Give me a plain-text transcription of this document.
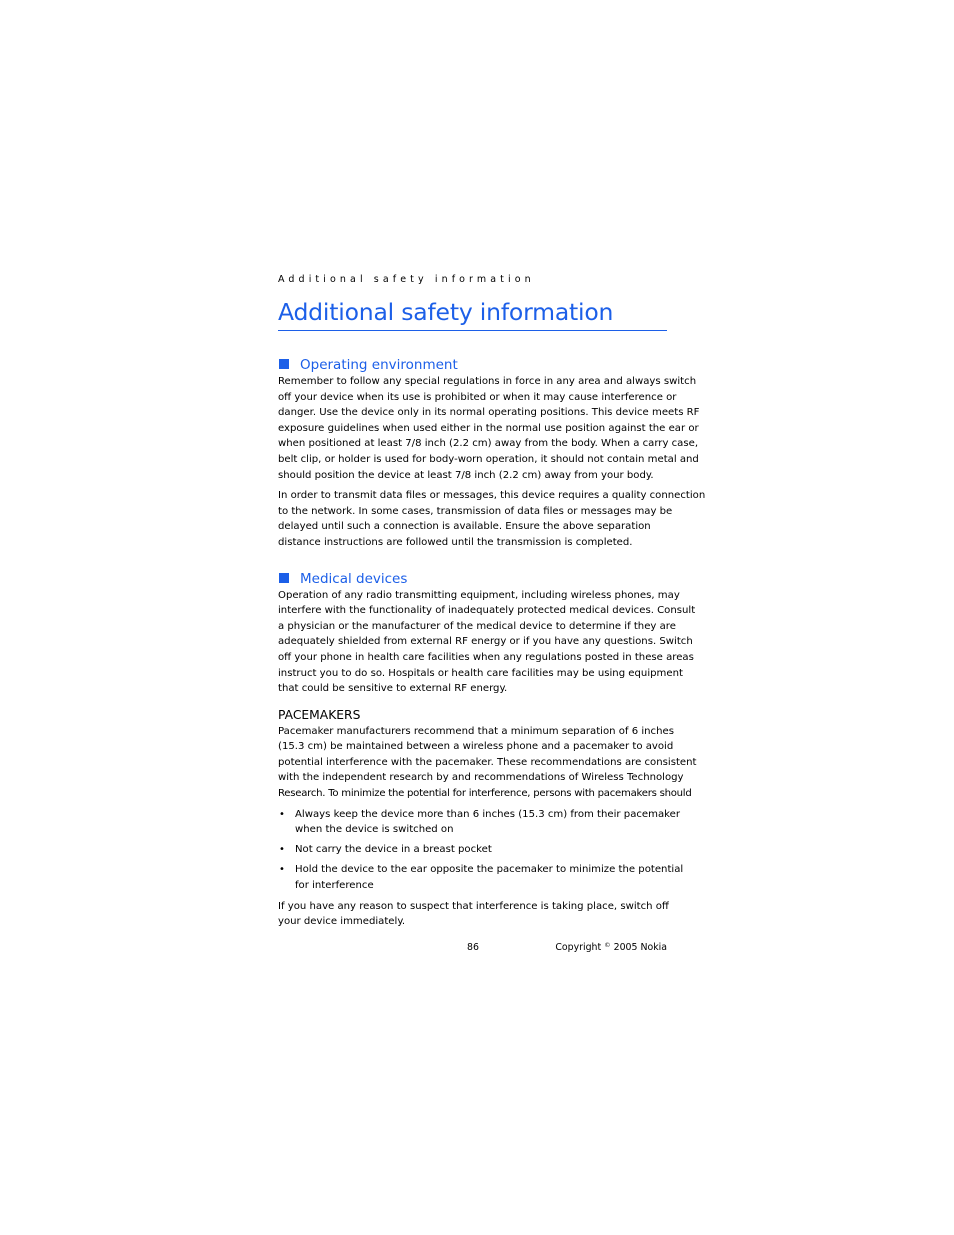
Additional safety information
Additional safety information
Operating environment

Remember to follow any special regulations in force in any area and always switch
off your device when its use is prohibited or when it may cause interference or
danger. Use the device only in its normal operating positions. This device meets RF
exposure guidelines when used either in the normal use position against the ear or
when positioned at least 7/8 inch (2.2 cm) away from the body. When a carry case,
belt clip, or holder is used for body-worn operation, it should not contain metal and
should position the device at least 7/8 inch (2.2 cm) away from your body.

In order to transmit data files or messages, this device requires a quality connection
to the network. In some cases, transmission of data files or messages may be
delayed until such a connection is available. Ensure the above separation
distance instructions are followed until the transmission is completed.

Medical devices

Operation of any radio transmitting equipment, including wireless phones, may
interfere with the functionality of inadequately protected medical devices. Consult
a physician or the manufacturer of the medical device to determine if they are
adequately shielded from external RF energy or if you have any questions. Switch
off your phone in health care facilities when any regulations posted in these areas
instruct you to do so. Hospitals or health care facilities may be using equipment
that could be sensitive to external RF energy.

PACEMAKERS

Pacemaker manufacturers recommend that a minimum separation of 6 inches
(15.3 cm) be maintained between a wireless phone and a pacemaker to avoid
potential interference with the pacemaker. These recommendations are consistent
with the independent research by and recommendations of Wireless Technology
Research. To minimize the potential for interference, persons with pacemakers should

• Always keep the device more than 6 inches (15.3 cm) from their pacemaker
when the device is switched on
• Not carry the device in a breast pocket
• Hold the device to the ear opposite the pacemaker to minimize the potential
for interference

If you have any reason to suspect that interference is taking place, switch off
your device immediately.

86	Copyright © 2005 Nokia
